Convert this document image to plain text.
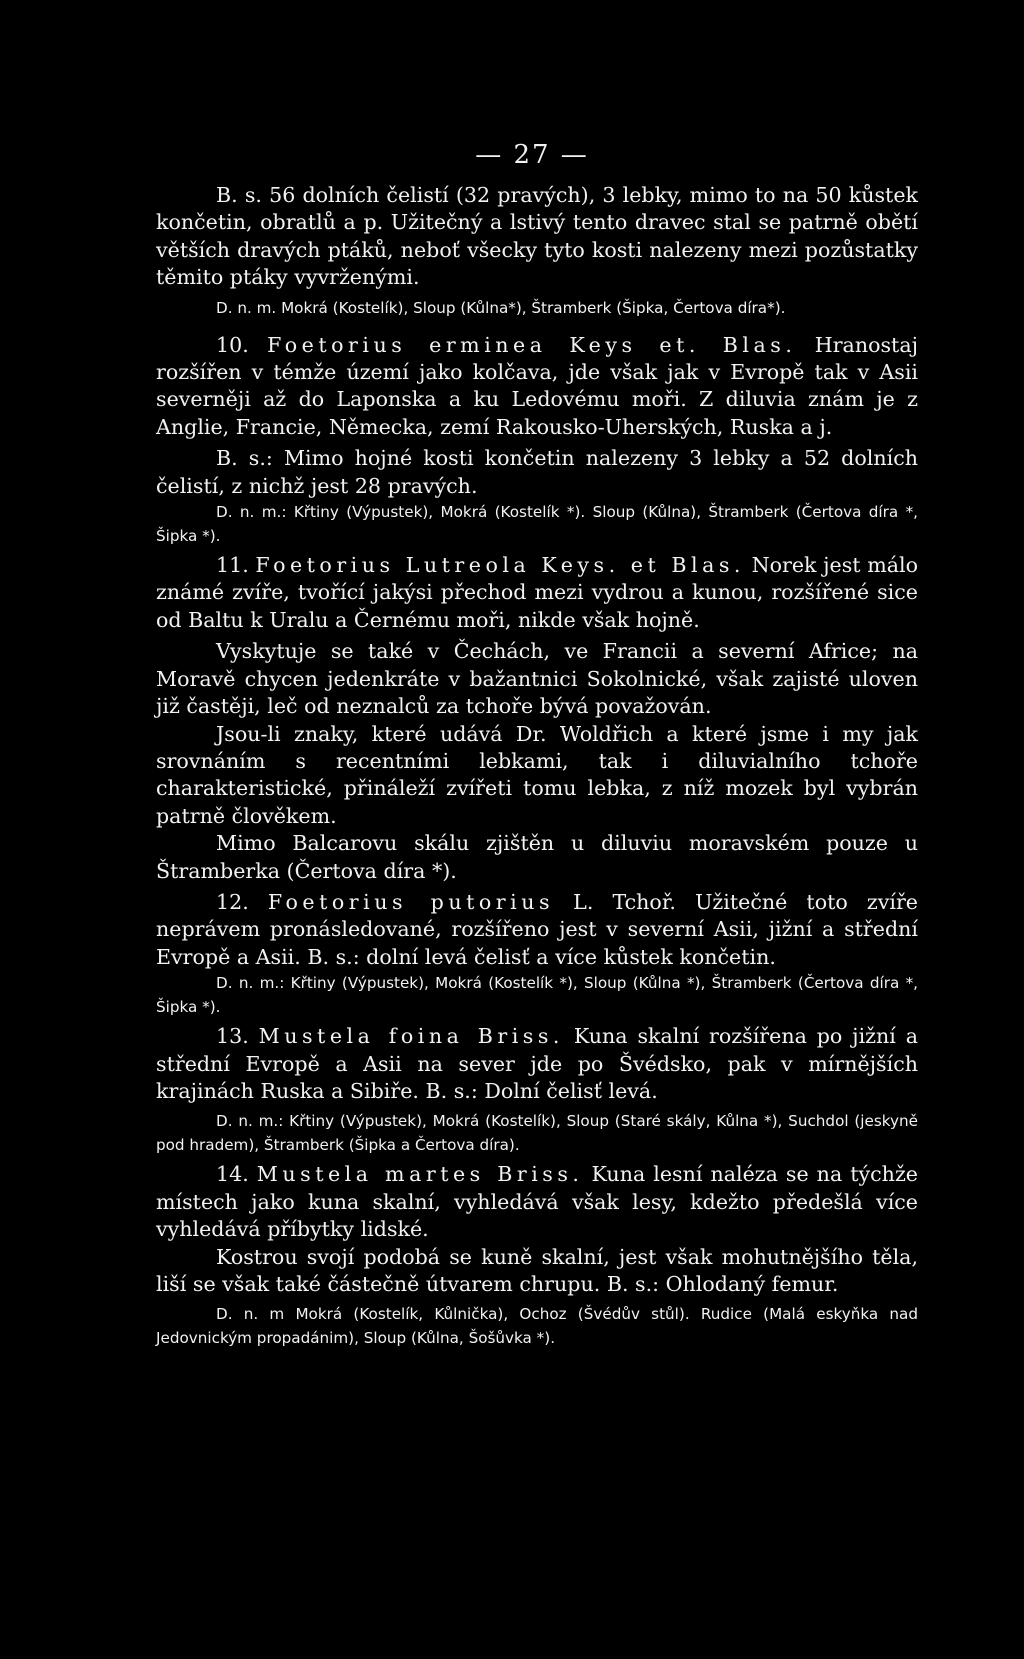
— 27 —

B. s. 56 dolních čelistí (32 pravých), 3 lebky, mimo to na 50 kůstek končetin, obratlů a p. Užitečný a lstivý tento dravec stal se patrně obětí větších dravých ptáků, neboť všecky tyto kosti nalezeny mezi pozůstatky těmito ptáky vyvrženými.

D. n. m. Mokrá (Kostelík), Sloup (Kůlna*), Štramberk (Šipka, Čertova díra*).

10. Foetorius erminea Keys et. Blas. Hranostaj rozšířen v témže území jako kolčava, jde však jak v Evropě tak v Asii severněji až do Laponska a ku Ledovému moři. Z diluvia znám je z Anglie, Francie, Německa, zemí Rakousko-Uherských, Ruska a j.

B. s.: Mimo hojné kosti končetin nalezeny 3 lebky a 52 dolních čelistí, z nichž jest 28 pravých.

D. n. m.: Křtiny (Výpustek), Mokrá (Kostelík *). Sloup (Kůlna), Štramberk (Čertova díra *, Šipka *).

11. Foetorius Lutreola Keys. et Blas. Norek jest málo známé zvíře, tvořící jakýsi přechod mezi vydrou a kunou, rozšířené sice od Baltu k Uralu a Černému moři, nikde však hojně.

Vyskytuje se také v Čechách, ve Francii a severní Africe; na Moravě chycen jedenkráte v bažantnici Sokolnické, však zajisté uloven již častěji, leč od neznalců za tchoře bývá považován.

Jsou-li znaky, které udává Dr. Woldřich a které jsme i my jak srovnáním s recentními lebkami, tak i diluvialního tchoře charakteristické, přináleží zvířeti tomu lebka, z níž mozek byl vybrán patrně člověkem.

Mimo Balcarovu skálu zjištěn u diluviu moravském pouze u Štramberka (Čertova díra *).

12. Foetorius putorius L. Tchoř. Užitečné toto zvíře neprávem pronásledované, rozšířeno jest v severní Asii, jižní a střední Evropě a Asii. B. s.: dolní levá čelisť a více kůstek končetin.

D. n. m.: Křtiny (Výpustek), Mokrá (Kostelík *), Sloup (Kůlna *), Štramberk (Čertova díra *, Šipka *).

13. Mustela foina Briss. Kuna skalní rozšířena po jižní a střední Evropě a Asii na sever jde po Švédsko, pak v mírnějších krajinách Ruska a Sibiře. B. s.: Dolní čelisť levá.

D. n. m.: Křtiny (Výpustek), Mokrá (Kostelík), Sloup (Staré skály, Kůlna *), Suchdol (jeskyně pod hradem), Štramberk (Šipka a Čertova díra).

14. Mustela martes Briss. Kuna lesní naléza se na týchže místech jako kuna skalní, vyhledává však lesy, kdežto předešlá více vyhledává příbytky lidské.

Kostrou svojí podobá se kuně skalní, jest však mohutnějšího těla, liší se však také částečně útvarem chrupu. B. s.: Ohlodaný femur.

D. n. m Mokrá (Kostelík, Kůlnička), Ochoz (Švédův stůl). Rudice (Malá eskyňka nad Jedovnickým propadánim), Sloup (Kůlna, Šošůvka *).
